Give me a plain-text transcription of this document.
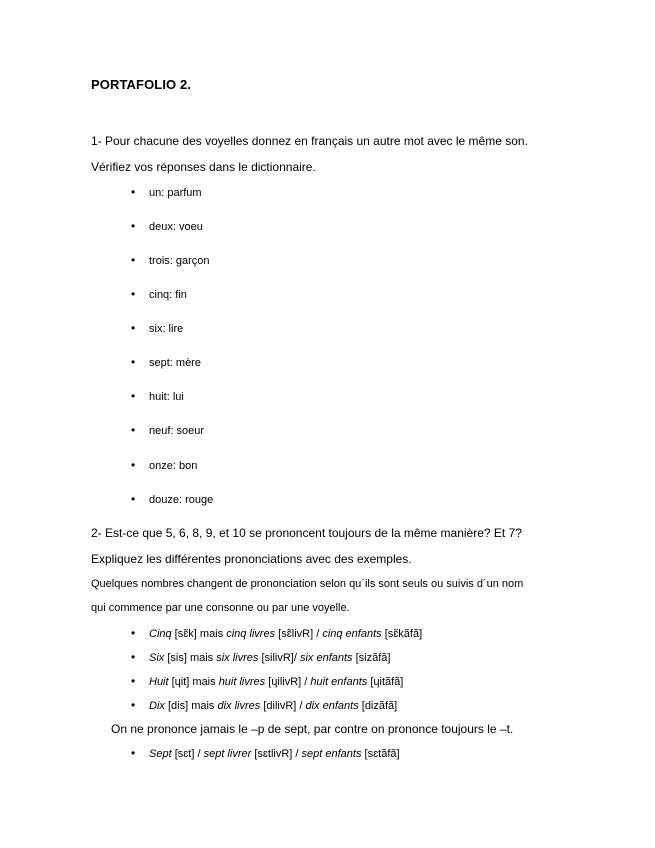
PORTAFOLIO 2.
1- Pour chacune des voyelles donnez en français un autre mot avec le même son.
Vérifiez vos réponses dans le dictionnaire.
• un: parfum
• deux: voeu
• trois: garçon
• cinq: fin
• six: lire
• sept: mère
• huit: lui
• neuf: soeur
• onze: bon
• douze: rouge
2- Est-ce que 5, 6, 8, 9, et 10 se prononcent toujours de la même manière? Et 7?
Expliquez les différentes prononciations avec des exemples.
Quelques nombres changent de prononciation selon qu´ils sont seuls ou suivis d´un nom
qui commence par une consonne ou par une voyelle.
• Cinq [sɛ̃k] mais cinq livres [sɛ̃livR] / cinq enfants [sɛ̃kãfã]
• Six [sis] mais six livres [silivR]/ six enfants [sizãfã]
• Huit [ɥit] mais huit livres [ɥilivR] / huit enfants [ɥitãfã]
• Dix [dis] mais dix livres [dilivR] / dix enfants [dizãfã]
On ne prononce jamais le –p de sept, par contre on prononce toujours le –t.
• Sept [sɛt] / sept livrer [sɛtlivR] / sept enfants [sɛtãfã]
